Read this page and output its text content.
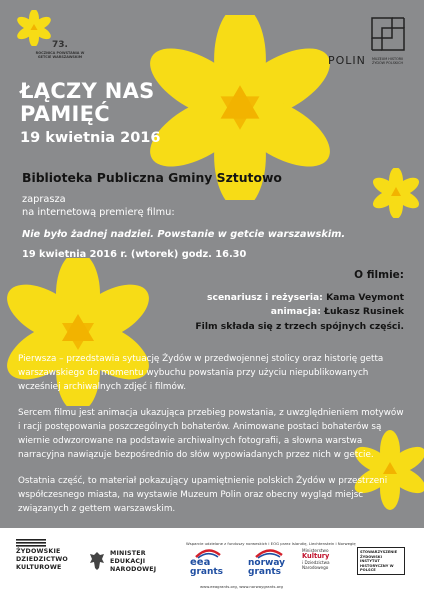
73.
ROCZNICA POWSTANIA W GETCIE WARSZAWSKIM	POLIN MUZEUM HISTORII ŻYDÓW POLSKICH
ŁĄCZY NAS
PAMIĘĆ
19 kwietnia 2016
Biblioteka Publiczna Gminy Sztutowo
zaprasza
na internetową premierę filmu:
Nie było żadnej nadziei. Powstanie w getcie warszawskim.
19 kwietnia 2016 r. (wtorek) godz. 16.30
O filmie:
scenariusz i reżyseria: Kama Veymont
animacja: Łukasz Rusinek
Film składa się z trzech spójnych części.

Pierwsza – przedstawia sytuację Żydów w przedwojennej stolicy oraz historię getta warszawskiego do momentu wybuchu powstania przy użyciu niepublikowanych wcześniej archiwalnych zdjęć i filmów.

Sercem filmu jest animacja ukazująca przebieg powstania, z uwzględnieniem motywów i racji postępowania poszczególnych bohaterów. Animowane postaci bohaterów są wiernie odwzorowane na podstawie archiwalnych fotografii, a słowna warstwa narracyjna nawiązuje bezpośrednio do słów wypowiadanych przez nich w getcie.

Ostatnia część, to materiał pokazujący upamiętnienie polskich Żydów w przestrzeni współczesnego miasta, na wystawie Muzeum Polin oraz obecny wygląd miejsc związanych z gettem warszawskim.

ŻYDOWSKIE
DZIEDZICTWO
KULTUROWE
MINISTER
EDUKACJI
NARODOWEJ
Wsparcie udzielone z funduszy norweskich i EOG przez Islandię, Liechtenstein i Norwegię
eea
grants
norway
grants
Ministerstwo
Kultury
i Dziedzictwa
Narodowego
STOWARZYSZENIE ŻYDOWSKI INSTYTUT HISTORYCZNY W POLSCE
www.eeagrants.org, www.norwaygrants.org
